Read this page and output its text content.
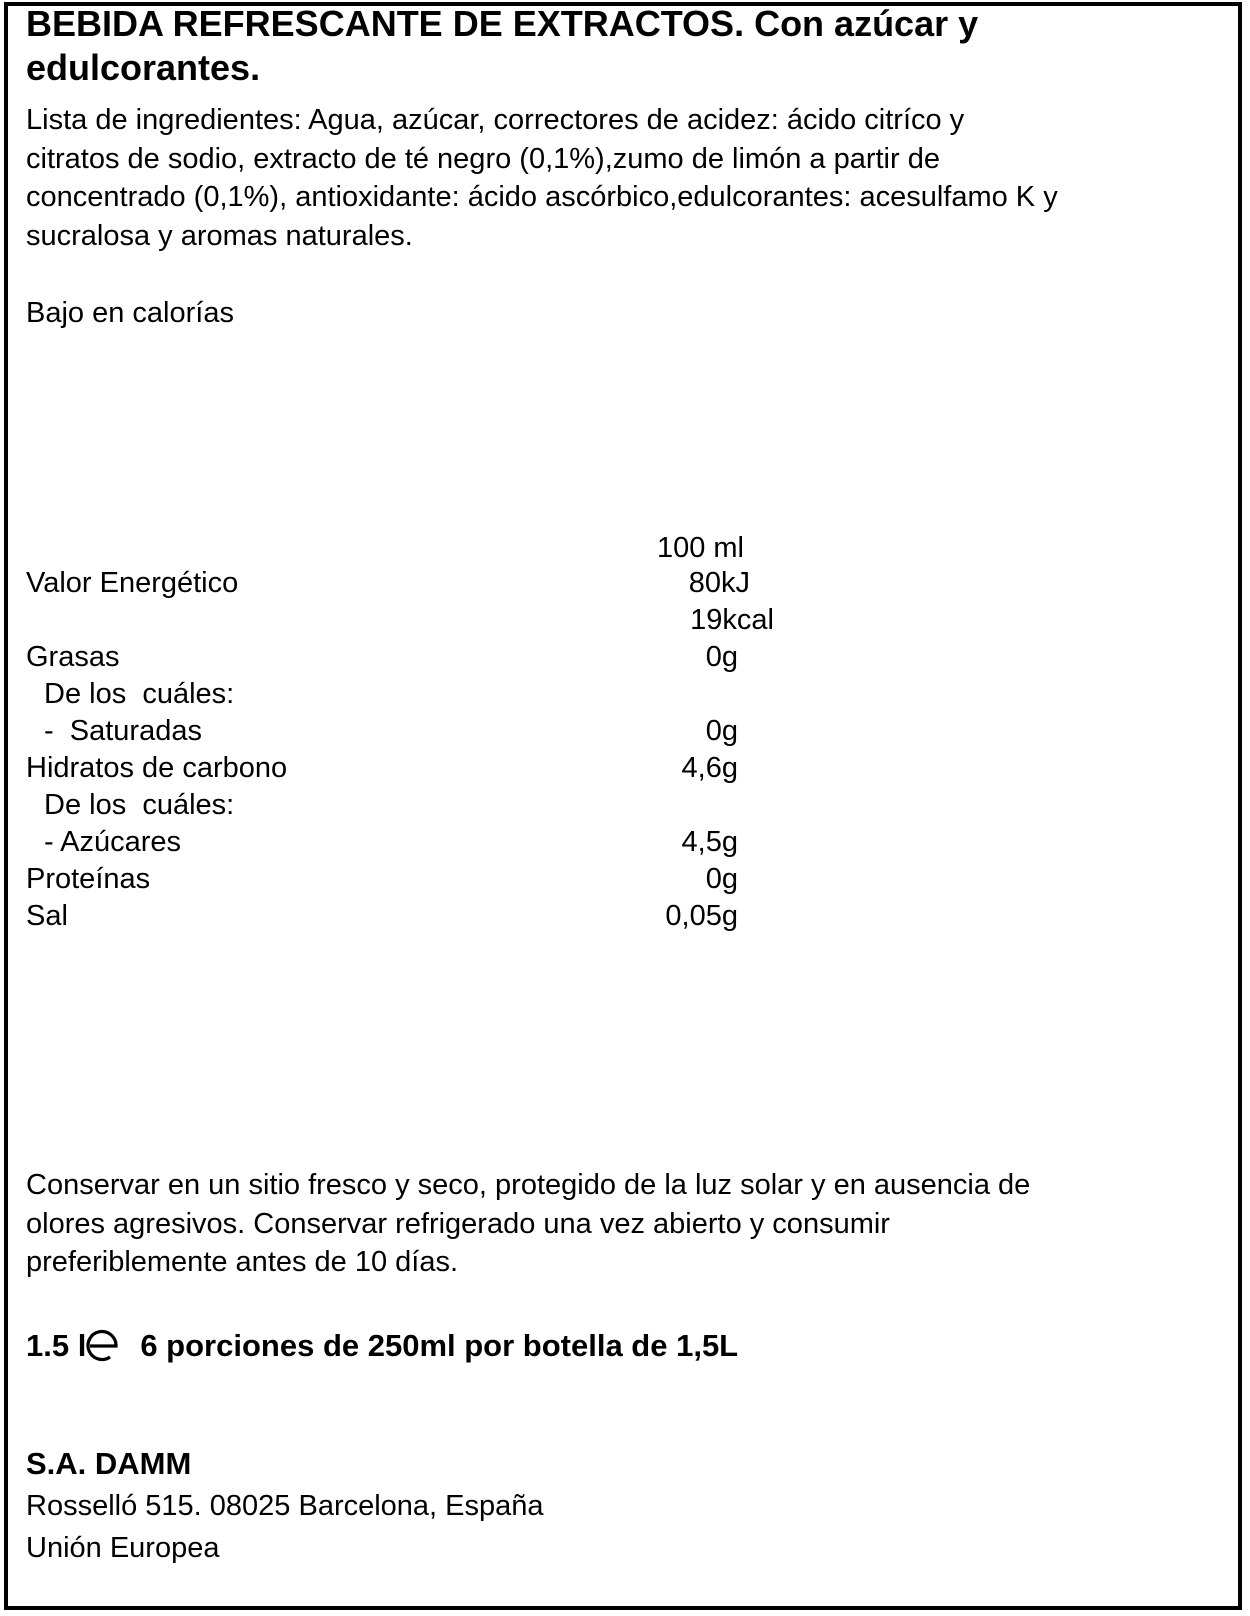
BEBIDA REFRESCANTE DE EXTRACTOS. Con azúcar y
edulcorantes.
Lista de ingredientes: Agua, azúcar, correctores de acidez: ácido citríco y
citratos de sodio, extracto de té negro (0,1%),zumo de limón a partir de
concentrado (0,1%), antioxidante: ácido ascórbico,edulcorantes: acesulfamo K y
sucralosa y aromas naturales.
Bajo en calorías
100 ml
Valor Energético	80kJ
19kcal
Grasas	0g
De los  cuáles:
-  Saturadas	0g
Hidratos de carbono	4,6g
De los  cuáles:
- Azúcares	4,5g
Proteínas	0g
Sal	0,05g
Conservar en un sitio fresco y seco, protegido de la luz solar y en ausencia de
olores agresivos. Conservar refrigerado una vez abierto y consumir
preferiblemente antes de 10 días.
1.5 l 6 porciones de 250ml por botella de 1,5L
S.A. DAMM
Rosselló 515. 08025 Barcelona, España
Unión Europea
